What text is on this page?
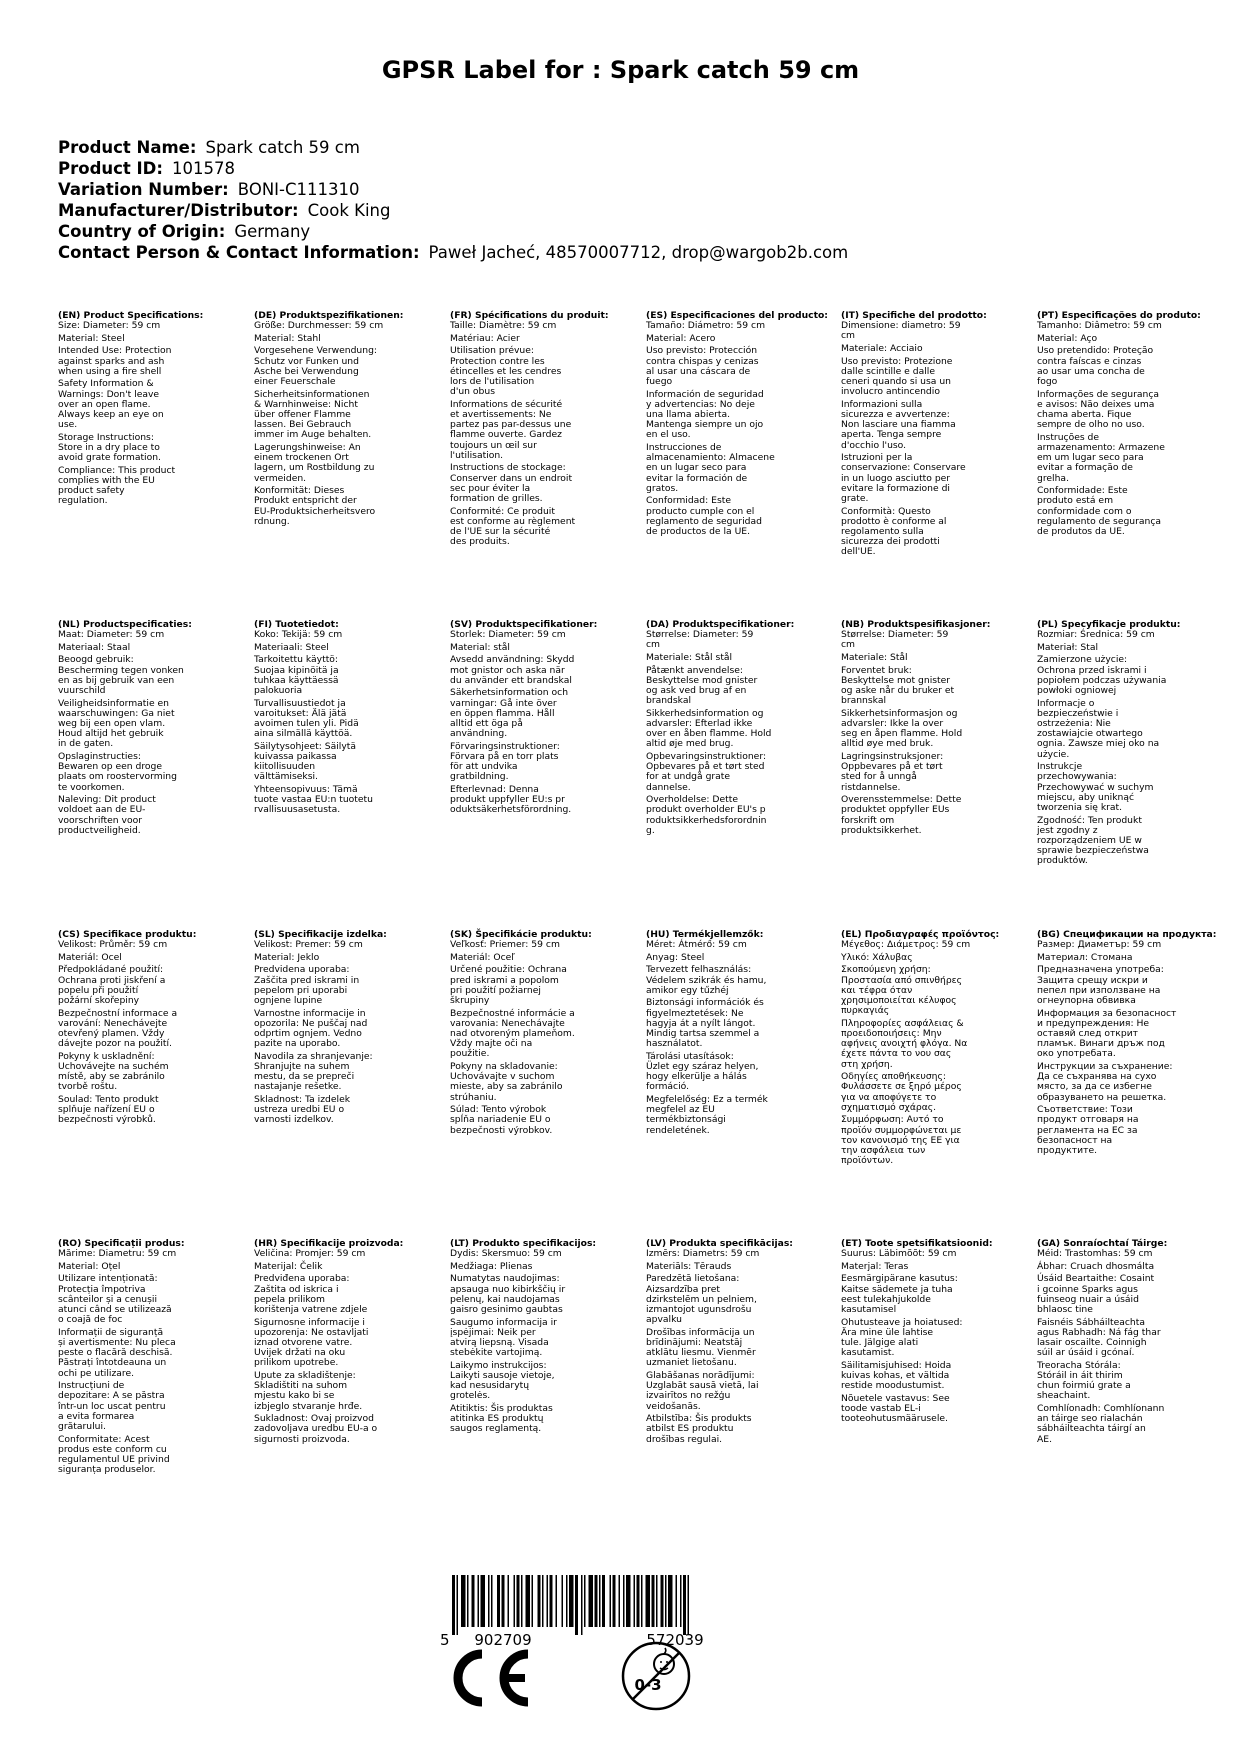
GPSR Label for : Spark catch 59 cm
Product Name: Spark catch 59 cm
Product ID: 101578
Variation Number: BONI-C111310
Manufacturer/Distributor: Cook King
Country of Origin: Germany
Contact Person & Contact Information: Paweł Jacheć, 48570007712, drop@wargob2b.com
(EN) Product Specifications:
Size: Diameter: 59 cm
Material: Steel
Intended Use: Protection
against sparks and ash
when using a fire shell
Safety Information &
Warnings: Don't leave
over an open flame.
Always keep an eye on
use.
Storage Instructions:
Store in a dry place to
avoid grate formation.
Compliance: This product
complies with the EU
product safety
regulation.
(DE) Produktspezifikationen:
Größe: Durchmesser: 59 cm
Material: Stahl
Vorgesehene Verwendung:
Schutz vor Funken und
Asche bei Verwendung
einer Feuerschale
Sicherheitsinformationen
& Warnhinweise: Nicht
über offener Flamme
lassen. Bei Gebrauch
immer im Auge behalten.
Lagerungshinweise: An
einem trockenen Ort
lagern, um Rostbildung zu
vermeiden.
Konformität: Dieses
Produkt entspricht der
EU-Produktsicherheitsvero
rdnung.
(FR) Spécifications du produit:
Taille: Diamètre: 59 cm
Matériau: Acier
Utilisation prévue:
Protection contre les
étincelles et les cendres
lors de l'utilisation
d'un obus
Informations de sécurité
et avertissements: Ne
partez pas par-dessus une
flamme ouverte. Gardez
toujours un œil sur
l'utilisation.
Instructions de stockage:
Conserver dans un endroit
sec pour éviter la
formation de grilles.
Conformité: Ce produit
est conforme au règlement
de l'UE sur la sécurité
des produits.
(ES) Especificaciones del producto:
Tamaño: Diámetro: 59 cm
Material: Acero
Uso previsto: Protección
contra chispas y cenizas
al usar una cáscara de
fuego
Información de seguridad
y advertencias: No deje
una llama abierta.
Mantenga siempre un ojo
en el uso.
Instrucciones de
almacenamiento: Almacene
en un lugar seco para
evitar la formación de
gratos.
Conformidad: Este
producto cumple con el
reglamento de seguridad
de productos de la UE.
(IT) Specifiche del prodotto:
Dimensione: diametro: 59
cm
Materiale: Acciaio
Uso previsto: Protezione
dalle scintille e dalle
ceneri quando si usa un
involucro antincendio
Informazioni sulla
sicurezza e avvertenze:
Non lasciare una fiamma
aperta. Tenga sempre
d'occhio l'uso.
Istruzioni per la
conservazione: Conservare
in un luogo asciutto per
evitare la formazione di
grate.
Conformità: Questo
prodotto è conforme al
regolamento sulla
sicurezza dei prodotti
dell'UE.
(PT) Especificações do produto:
Tamanho: Diâmetro: 59 cm
Material: Aço
Uso pretendido: Proteção
contra faíscas e cinzas
ao usar uma concha de
fogo
Informações de segurança
e avisos: Não deixes uma
chama aberta. Fique
sempre de olho no uso.
Instruções de
armazenamento: Armazene
em um lugar seco para
evitar a formação de
grelha.
Conformidade: Este
produto está em
conformidade com o
regulamento de segurança
de produtos da UE.
(NL) Productspecificaties:
Maat: Diameter: 59 cm
Materiaal: Staal
Beoogd gebruik:
Bescherming tegen vonken
en as bij gebruik van een
vuurschild
Veiligheidsinformatie en
waarschuwingen: Ga niet
weg bij een open vlam.
Houd altijd het gebruik
in de gaten.
Opslaginstructies:
Bewaren op een droge
plaats om roostervorming
te voorkomen.
Naleving: Dit product
voldoet aan de EU-
voorschriften voor
productveiligheid.
(FI) Tuotetiedot:
Koko: Tekijä: 59 cm
Materiaali: Steel
Tarkoitettu käyttö:
Suojaa kipinöitä ja
tuhkaa käyttäessä
palokuoria
Turvallisuustiedot ja
varoitukset: Älä jätä
avoimen tulen yli. Pidä
aina silmällä käyttöä.
Säilytysohjeet: Säilytä
kuivassa paikassa
kiitollisuuden
välttämiseksi.
Yhteensopivuus: Tämä
tuote vastaa EU:n tuotetu
rvallisuusasetusta.
(SV) Produktspecifikationer:
Storlek: Diameter: 59 cm
Material: stål
Avsedd användning: Skydd
mot gnistor och aska när
du använder ett brandskal
Säkerhetsinformation och
varningar: Gå inte över
en öppen flamma. Håll
alltid ett öga på
användning.
Förvaringsinstruktioner:
Förvara på en torr plats
för att undvika
gratbildning.
Efterlevnad: Denna
produkt uppfyller EU:s pr
oduktsäkerhetsförordning.
(DA) Produktspecifikationer:
Størrelse: Diameter: 59
cm
Materiale: Stål stål
Påtænkt anvendelse:
Beskyttelse mod gnister
og ask ved brug af en
brandskal
Sikkerhedsinformation og
advarsler: Efterlad ikke
over en åben flamme. Hold
altid øje med brug.
Opbevaringsinstruktioner:
Opbevares på et tørt sted
for at undgå grate
dannelse.
Overholdelse: Dette
produkt overholder EU's p
roduktsikkerhedsforordnin
g.
(NB) Produktspesifikasjoner:
Størrelse: Diameter: 59
cm
Materiale: Stål
Forventet bruk:
Beskyttelse mot gnister
og aske når du bruker et
brannskal
Sikkerhetsinformasjon og
advarsler: Ikke la over
seg en åpen flamme. Hold
alltid øye med bruk.
Lagringsinstruksjoner:
Oppbevares på et tørt
sted for å unngå
ristdannelse.
Overensstemmelse: Dette
produktet oppfyller EUs
forskrift om
produktsikkerhet.
(PL) Specyfikacje produktu:
Rozmiar: Średnica: 59 cm
Materiał: Stal
Zamierzone użycie:
Ochrona przed iskrami i
popiołem podczas używania
powłoki ogniowej
Informacje o
bezpieczeństwie i
ostrzeżenia: Nie
zostawiajcie otwartego
ognia. Zawsze miej oko na
użycie.
Instrukcje
przechowywania:
Przechowywać w suchym
miejscu, aby uniknąć
tworzenia się krat.
Zgodność: Ten produkt
jest zgodny z
rozporządzeniem UE w
sprawie bezpieczeństwa
produktów.
(CS) Specifikace produktu:
Velikost: Průměr: 59 cm
Materiál: Ocel
Předpokládané použití:
Ochrana proti jiskření a
popelu při použití
požární skořepiny
Bezpečnostní informace a
varování: Nenechávejte
otevřený plamen. Vždy
dávejte pozor na použití.
Pokyny k uskladnění:
Uchovávejte na suchém
místě, aby se zabránilo
tvorbě roštu.
Soulad: Tento produkt
splňuje nařízení EU o
bezpečnosti výrobků.
(SL) Specifikacije izdelka:
Velikost: Premer: 59 cm
Material: Jeklo
Predvidena uporaba:
Zaščita pred iskrami in
pepelom pri uporabi
ognjene lupine
Varnostne informacije in
opozorila: Ne puščaj nad
odprtim ognjem. Vedno
pazite na uporabo.
Navodila za shranjevanje:
Shranjujte na suhem
mestu, da se prepreči
nastajanje rešetke.
Skladnost: Ta izdelek
ustreza uredbi EU o
varnosti izdelkov.
(SK) Špecifikácie produktu:
Veľkosť: Priemer: 59 cm
Materiál: Oceľ
Určené použitie: Ochrana
pred iskrami a popolom
pri použití požiarnej
škrupiny
Bezpečnostné informácie a
varovania: Nenechávajte
nad otvoreným plameňom.
Vždy majte oči na
použitie.
Pokyny na skladovanie:
Uchovávajte v suchom
mieste, aby sa zabránilo
strúhaniu.
Súlad: Tento výrobok
spĺňa nariadenie EU o
bezpečnosti výrobkov.
(HU) Termékjellemzők:
Méret: Átmérő: 59 cm
Anyag: Steel
Tervezett felhasználás:
Védelem szikrák és hamu,
amikor egy tűzhéj
Biztonsági információk és
figyelmeztetések: Ne
hagyja át a nyílt lángot.
Mindig tartsa szemmel a
használatot.
Tárolási utasítások:
Üzlet egy száraz helyen,
hogy elkerülje a hálás
formáció.
Megfelelőség: Ez a termék
megfelel az EU
termékbiztonsági
rendeletének.
(EL) Προδιαγραφές προϊόντος:
Μέγεθος: Διάμετρος: 59 cm
Υλικό: Χάλυβας
Σκοπούμενη χρήση:
Προστασία από σπινθήρες
και τέφρα όταν
χρησιμοποιείται κέλυφος
πυρκαγιάς
Πληροφορίες ασφάλειας &
προειδοποιήσεις: Μην
αφήνεις ανοιχτή φλόγα. Να
έχετε πάντα το νου σας
στη χρήση.
Οδηγίες αποθήκευσης:
Φυλάσσετε σε ξηρό μέρος
για να αποφύγετε το
σχηματισμό σχάρας.
Συμμόρφωση: Αυτό το
προϊόν συμμορφώνεται με
τον κανονισμό της ΕΕ για
την ασφάλεια των
προϊόντων.
(BG) Спецификации на продукта:
Размер: Диаметър: 59 cm
Материал: Стомана
Предназначена употреба:
Защита срещу искри и
пепел при използване на
огнеупорна обвивка
Информация за безопасност
и предупреждения: Не
оставяй след открит
пламък. Винаги дръж под
око употребата.
Инструкции за съхранение:
Да се съхранява на сухо
място, за да се избегне
образуването на решетка.
Съответствие: Този
продукт отговаря на
регламента на ЕС за
безопасност на
продуктите.
(RO) Specificații produs:
Mărime: Diametru: 59 cm
Material: Oțel
Utilizare intenționată:
Protecția împotriva
scânteilor și a cenușii
atunci când se utilizează
o coajă de foc
Informații de siguranță
și avertismente: Nu pleca
peste o flacără deschisă.
Păstrați întotdeauna un
ochi pe utilizare.
Instrucțiuni de
depozitare: A se păstra
într-un loc uscat pentru
a evita formarea
grătarului.
Conformitate: Acest
produs este conform cu
regulamentul UE privind
siguranța produselor.
(HR) Specifikacije proizvoda:
Veličina: Promjer: 59 cm
Materijal: Čelik
Predviđena uporaba:
Zaštita od iskrica i
pepela prilikom
korištenja vatrene zdjele
Sigurnosne informacije i
upozorenja: Ne ostavljati
iznad otvorene vatre.
Uvijek držati na oku
prilikom upotrebe.
Upute za skladištenje:
Skladištiti na suhom
mjestu kako bi se
izbjeglo stvaranje hrđe.
Sukladnost: Ovaj proizvod
zadovoljava uredbu EU-a o
sigurnosti proizvoda.
(LT) Produkto specifikacijos:
Dydis: Skersmuo: 59 cm
Medžiaga: Plienas
Numatytas naudojimas:
apsauga nuo kibirkščių ir
pelenų, kai naudojamas
gaisro gesinimo gaubtas
Saugumo informacija ir
įspėjimai: Neik per
atvirą liepsną. Visada
stebėkite vartojimą.
Laikymo instrukcijos:
Laikyti sausoje vietoje,
kad nesusidarytų
grotelės.
Atitiktis: Šis produktas
atitinka ES produktų
saugos reglamentą.
(LV) Produkta specifikācijas:
Izmērs: Diametrs: 59 cm
Materiāls: Tērauds
Paredzētā lietošana:
Aizsardzība pret
dzirkstelēm un pelniem,
izmantojot ugunsdrošu
apvalku
Drošības informācija un
brīdinājumi: Neatstāj
atklātu liesmu. Vienmēr
uzmaniet lietošanu.
Glabāšanas norādījumi:
Uzglabāt sausā vietā, lai
izvairītos no režģu
veidošanās.
Atbilstība: Šis produkts
atbilst ES produktu
drošības regulai.
(ET) Toote spetsifikatsioonid:
Suurus: Läbimõõt: 59 cm
Materjal: Teras
Eesmärgipärane kasutus:
Kaitse sädemete ja tuha
eest tulekahjukolde
kasutamisel
Ohutusteave ja hoiatused:
Ära mine üle lahtise
tule. Jälgige alati
kasutamist.
Säilitamisjuhised: Hoida
kuivas kohas, et vältida
restide moodustumist.
Nõuetele vastavus: See
toode vastab EL-i
tooteohutusmäärusele.
(GA) Sonraíochtaí Táirge:
Méid: Trastomhas: 59 cm
Ábhar: Cruach dhosmálta
Úsáid Beartaithe: Cosaint
i gcoinne Sparks agus
fuinseog nuair a úsáid
bhlaosc tine
Faisnéis Sábháilteachta
agus Rabhadh: Ná fág thar
lasair oscailte. Coinnigh
súil ar úsáid i gcónaí.
Treoracha Stórála:
Stóráil in áit thirim
chun foirmiú grate a
sheachaint.
Comhlíonadh: Comhlíonann
an táirge seo rialachán
sábháilteachta táirgí an
AE.
5 902709	572039
0-3
